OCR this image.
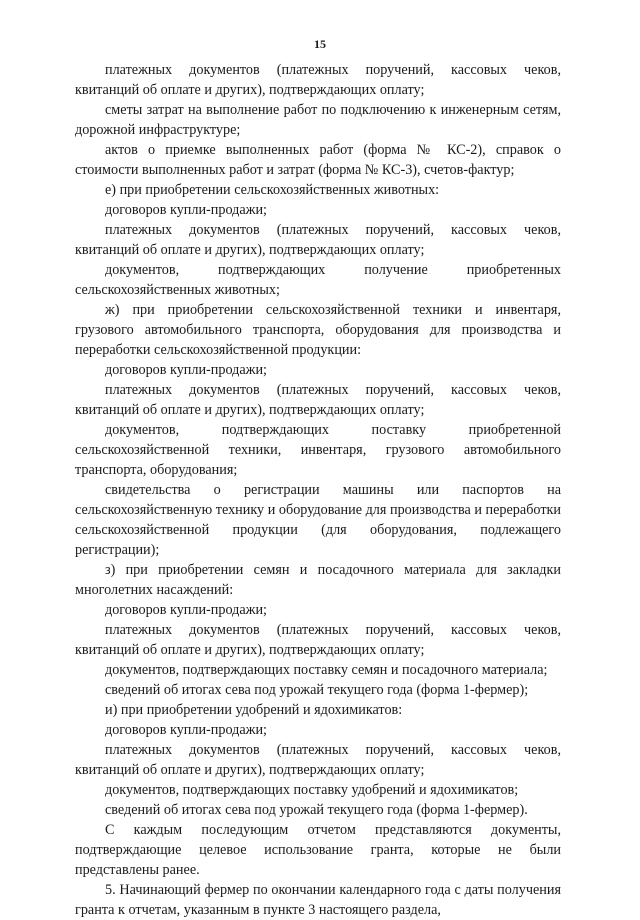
15

платежных документов (платежных поручений, кассовых чеков, квитанций об оплате и других), подтверждающих оплату;

сметы затрат на выполнение работ по подключению к инженерным сетям, дорожной инфраструктуре;

актов о приемке выполненных работ (форма № КС-2), справок о стоимости выполненных работ и затрат (форма № КС-3), счетов-фактур;

е) при приобретении сельскохозяйственных животных:

договоров купли-продажи;

платежных документов (платежных поручений, кассовых чеков, квитанций об оплате и других), подтверждающих оплату;

документов, подтверждающих получение приобретенных сельскохозяйственных животных;

ж) при приобретении сельскохозяйственной техники и инвентаря, грузового автомобильного транспорта, оборудования для производства и переработки сельскохозяйственной продукции:

договоров купли-продажи;

платежных документов (платежных поручений, кассовых чеков, квитанций об оплате и других), подтверждающих оплату;

документов, подтверждающих поставку приобретенной сельскохозяйственной техники, инвентаря, грузового автомобильного транспорта, оборудования;

свидетельства о регистрации машины или паспортов на сельскохозяйственную технику и оборудование для производства и переработки сельскохозяйственной продукции (для оборудования, подлежащего регистрации);

з) при приобретении семян и посадочного материала для закладки многолетних насаждений:

договоров купли-продажи;

платежных документов (платежных поручений, кассовых чеков, квитанций об оплате и других), подтверждающих оплату;

документов, подтверждающих поставку семян и посадочного материала;

сведений об итогах сева под урожай текущего года (форма 1-фермер);

и) при приобретении удобрений и ядохимикатов:

договоров купли-продажи;

платежных документов (платежных поручений, кассовых чеков, квитанций об оплате и других), подтверждающих оплату;

документов, подтверждающих поставку удобрений и ядохимикатов;

сведений об итогах сева под урожай текущего года (форма 1-фермер).

С каждым последующим отчетом представляются документы, подтверждающие целевое использование гранта, которые не были представлены ранее.

5. Начинающий фермер по окончании календарного года с даты получения гранта к отчетам, указанным в пункте 3 настоящего раздела,
